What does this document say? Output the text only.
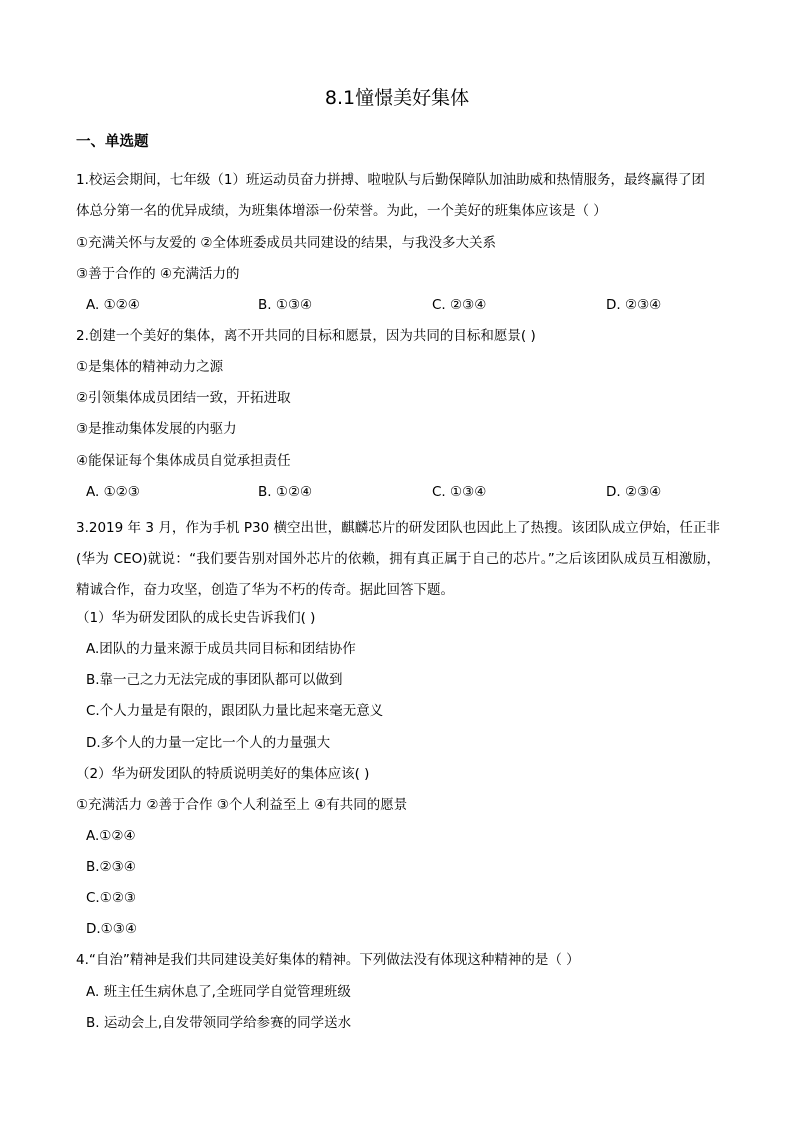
8.1憧憬美好集体
一、单选题
1.校运会期间，七年级（1）班运动员奋力拼搏、啦啦队与后勤保障队加油助威和热情服务，最终赢得了团
体总分第一名的优异成绩，为班集体增添一份荣誉。为此，一个美好的班集体应该是（ ）
①充满关怀与友爱的 ②全体班委成员共同建设的结果，与我没多大关系
③善于合作的 ④充满活力的
A. ①②④	B. ①③④	C. ②③④	D. ②③④
2.创建一个美好的集体，离不开共同的目标和愿景，因为共同的目标和愿景( )
①是集体的精神动力之源
②引领集体成员团结一致，开拓进取
③是推动集体发展的内驱力
④能保证每个集体成员自觉承担责任
A. ①②③	B. ①②④	C. ①③④	D. ②③④
3.2019 年 3 月，作为手机 P30 横空出世，麒麟芯片的研发团队也因此上了热搜。该团队成立伊始，任正非(华为 CEO)就说：“我们要告别对国外芯片的依赖，拥有真正属于自己的芯片。”之后该团队成员互相激励，精诚合作，奋力攻坚，创造了华为不朽的传奇。据此回答下题。
（1）华为研发团队的成长史告诉我们( )
A.团队的力量来源于成员共同目标和团结协作
B.靠一己之力无法完成的事团队都可以做到
C.个人力量是有限的，跟团队力量比起来毫无意义
D.多个人的力量一定比一个人的力量强大
（2）华为研发团队的特质说明美好的集体应该( )
①充满活力 ②善于合作 ③个人利益至上 ④有共同的愿景
A.①②④
B.②③④
C.①②③
D.①③④
4.“自治”精神是我们共同建设美好集体的精神。下列做法没有体现这种精神的是（ ）
A. 班主任生病休息了,全班同学自觉管理班级
B. 运动会上,自发带领同学给参赛的同学送水
